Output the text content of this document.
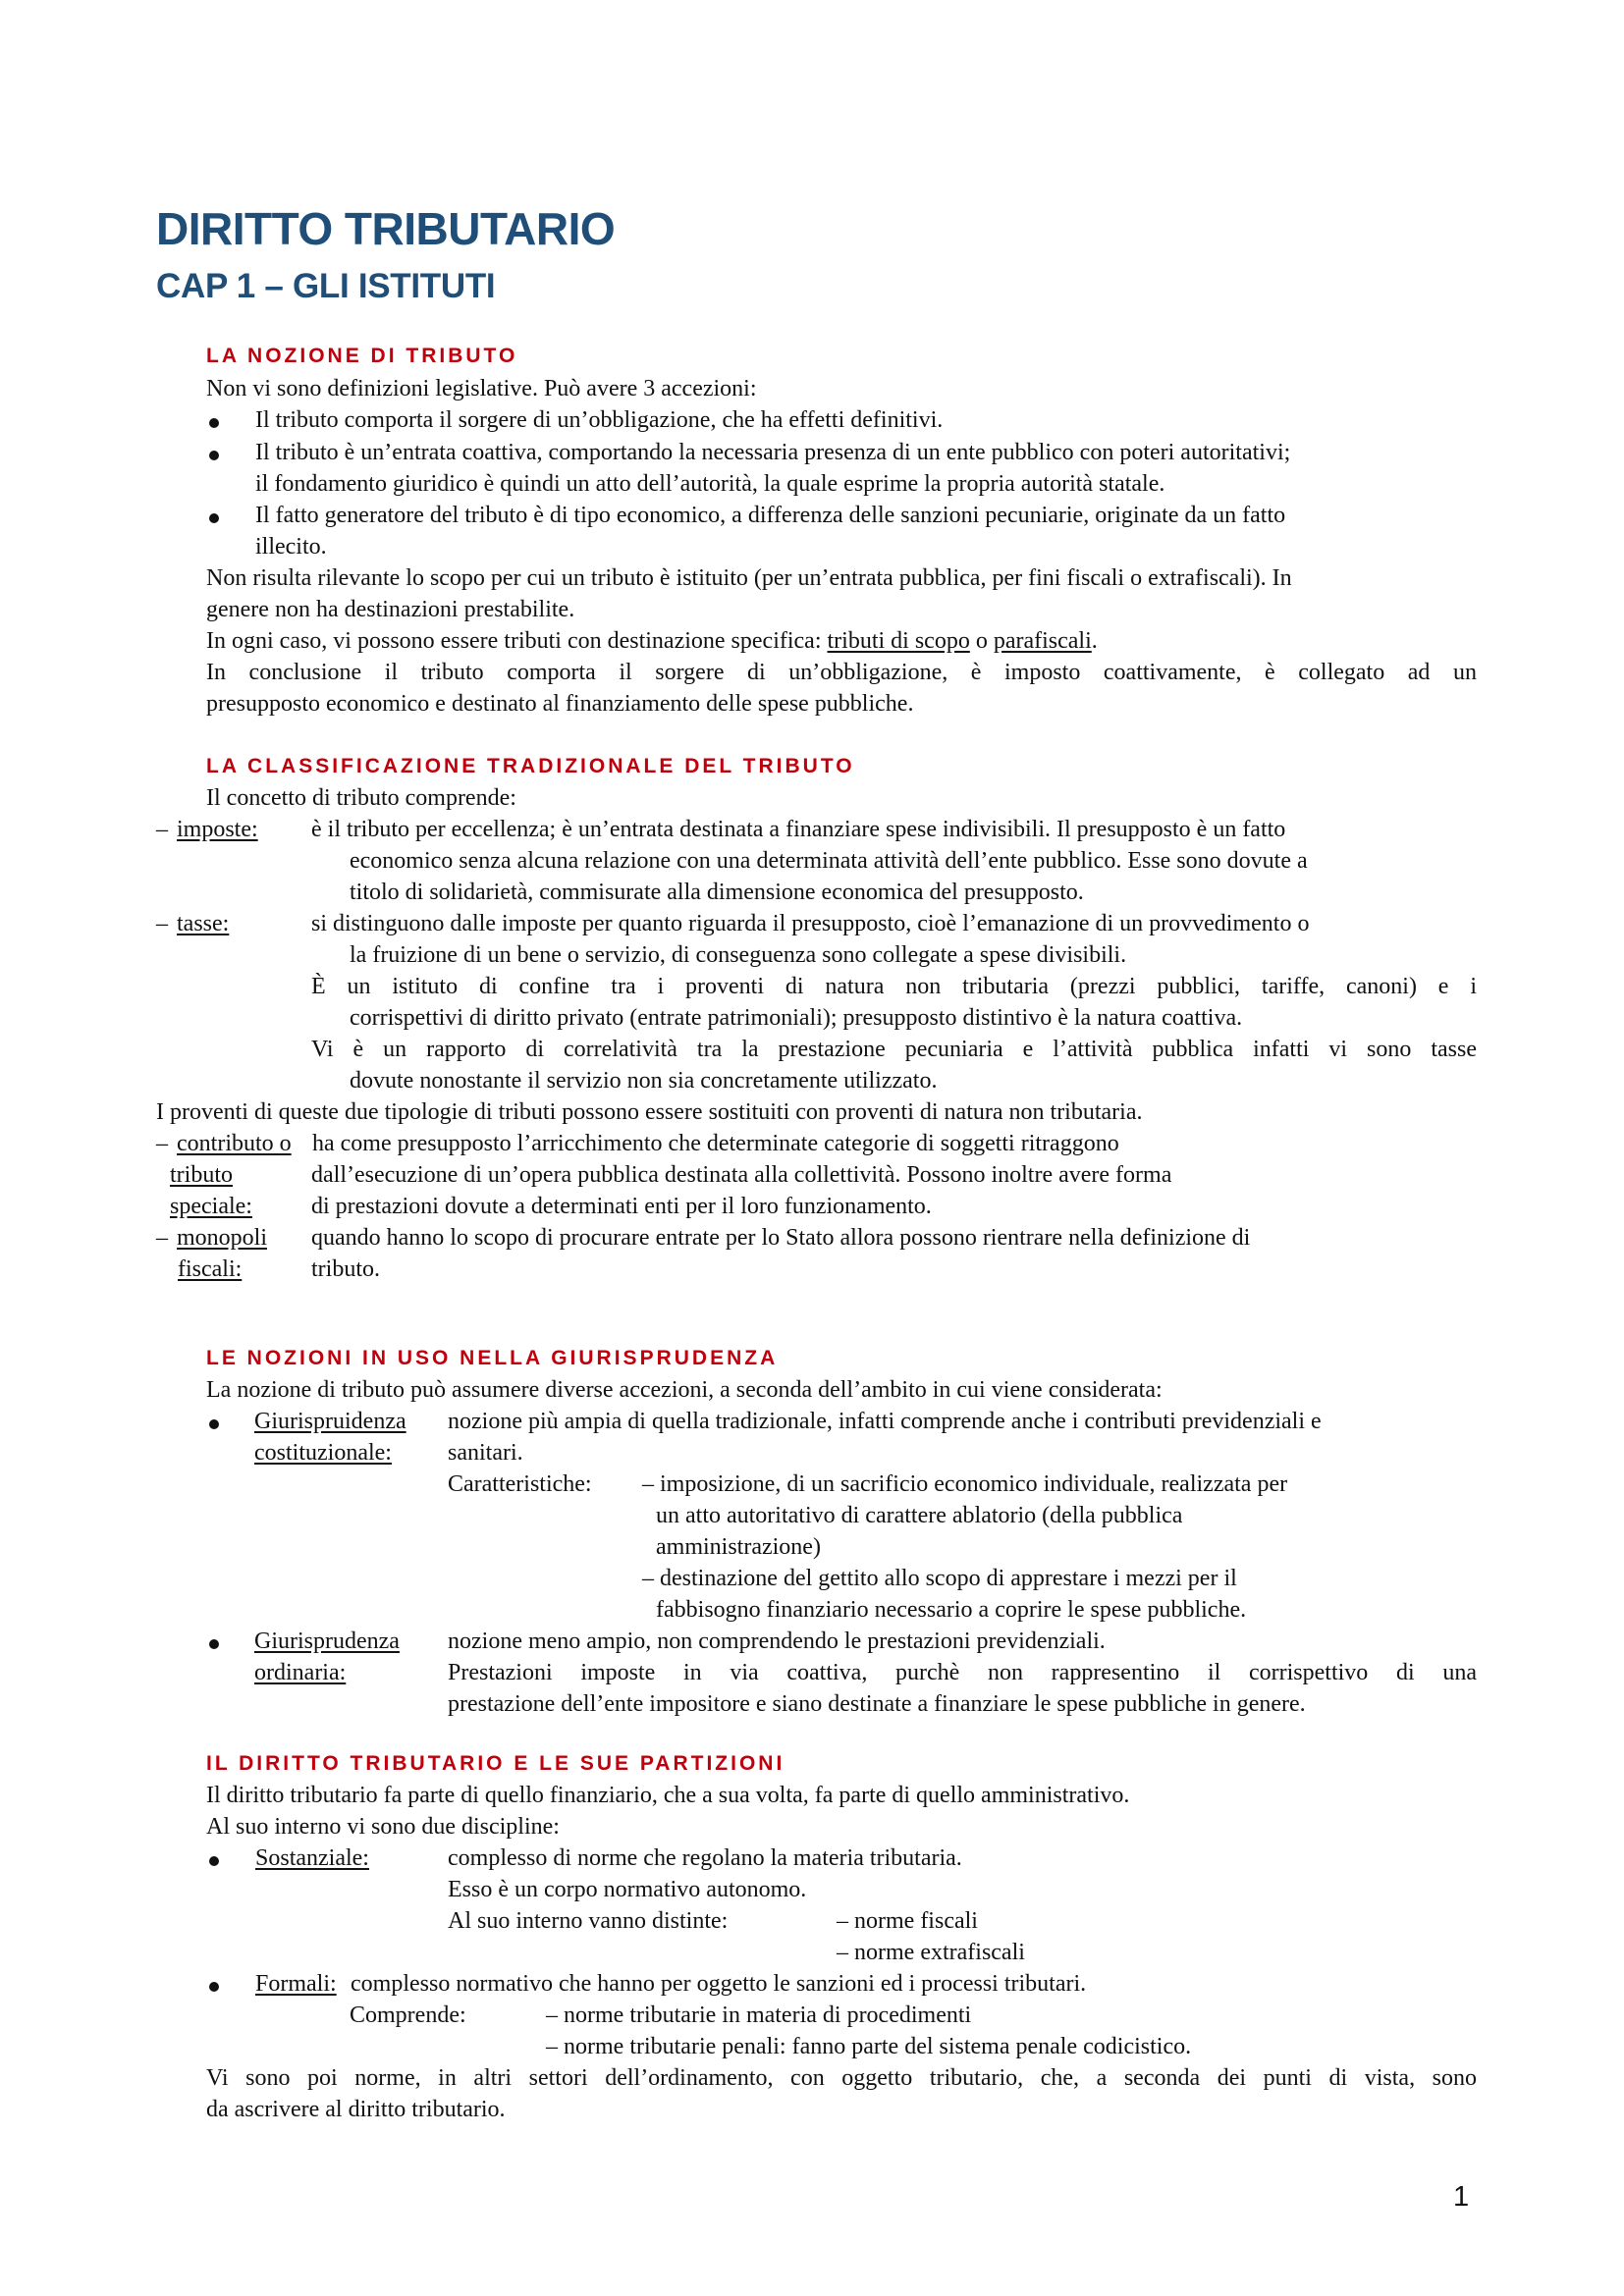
DIRITTO TRIBUTARIO
CAP 1 – GLI ISTITUTI
LA NOZIONE DI TRIBUTO
Non vi sono definizioni legislative. Può avere 3 accezioni:
Il tributo comporta il sorgere di un’obbligazione, che ha effetti definitivi.
Il tributo è un’entrata coattiva, comportando la necessaria presenza di un ente pubblico con poteri autoritativi;
il fondamento giuridico è quindi un atto dell’autorità, la quale esprime la propria autorità statale.
Il fatto generatore del tributo è di tipo economico, a differenza delle sanzioni pecuniarie, originate da un fatto
illecito.
Non risulta rilevante lo scopo per cui un tributo è istituito (per un’entrata pubblica, per fini fiscali o extrafiscali). In
genere non ha destinazioni prestabilite.
In ogni caso, vi possono essere tributi con destinazione specifica: tributi di scopo o parafiscali.
In conclusione il tributo comporta il sorgere di un’obbligazione, è imposto coattivamente, è collegato ad un
presupposto economico e destinato al finanziamento delle spese pubbliche.
LA CLASSIFICAZIONE TRADIZIONALE DEL TRIBUTO
Il concetto di tributo comprende:
– imposte: è il tributo per eccellenza; è un’entrata destinata a finanziare spese indivisibili. Il presupposto è un fatto
economico senza alcuna relazione con una determinata attività dell’ente pubblico. Esse sono dovute a
titolo di solidarietà, commisurate alla dimensione economica del presupposto.
– tasse:	si distinguono dalle imposte per quanto riguarda il presupposto, cioè l’emanazione di un provvedimento o
la fruizione di un bene o servizio, di conseguenza sono collegate a spese divisibili.
È un istituto di confine tra i proventi di natura non tributaria (prezzi pubblici, tariffe, canoni) e i
corrispettivi di diritto privato (entrate patrimoniali); presupposto distintivo è la natura coattiva.
Vi è un rapporto di correlatività tra la prestazione pecuniaria e l’attività pubblica infatti vi sono tasse
dovute nonostante il servizio non sia concretamente utilizzato.
I proventi di queste due tipologie di tributi possono essere sostituiti con proventi di natura non tributaria.
– contributo o ha come presupposto l’arricchimento che determinate categorie di soggetti ritraggono
tributo	dall’esecuzione di un’opera pubblica destinata alla collettività. Possono inoltre avere forma
speciale:	di prestazioni dovute a determinati enti per il loro funzionamento.
– monopoli quando hanno lo scopo di procurare entrate per lo Stato allora possono rientrare nella definizione di
fiscali:	tributo.
LE NOZIONI IN USO NELLA GIURISPRUDENZA
La nozione di tributo può assumere diverse accezioni, a seconda dell’ambito in cui viene considerata:
Giurispruidenza nozione più ampia di quella tradizionale, infatti comprende anche i contributi previdenziali e
costituzionale: sanitari.
Caratteristiche: – imposizione, di un sacrificio economico individuale, realizzata per
un atto autoritativo di carattere ablatorio (della pubblica
amministrazione)
– destinazione del gettito allo scopo di apprestare i mezzi per il
fabbisogno finanziario necessario a coprire le spese pubbliche.
Giurisprudenza nozione meno ampio, non comprendendo le prestazioni previdenziali.
ordinaria:	Prestazioni imposte in via coattiva, purchè non rappresentino il corrispettivo di una
prestazione dell’ente impositore e siano destinate a finanziare le spese pubbliche in genere.
IL DIRITTO TRIBUTARIO E LE SUE PARTIZIONI
Il diritto tributario fa parte di quello finanziario, che a sua volta, fa parte di quello amministrativo.
Al suo interno vi sono due discipline:
Sostanziale:	complesso di norme che regolano la materia tributaria.
Esso è un corpo normativo autonomo.
Al suo interno vanno distinte:	– norme fiscali
– norme extrafiscali
Formali: complesso normativo che hanno per oggetto le sanzioni ed i processi tributari.
Comprende:	– norme tributarie in materia di procedimenti
– norme tributarie penali: fanno parte del sistema penale codicistico.
Vi sono poi norme, in altri settori dell’ordinamento, con oggetto tributario, che, a seconda dei punti di vista, sono
da ascrivere al diritto tributario.
1
